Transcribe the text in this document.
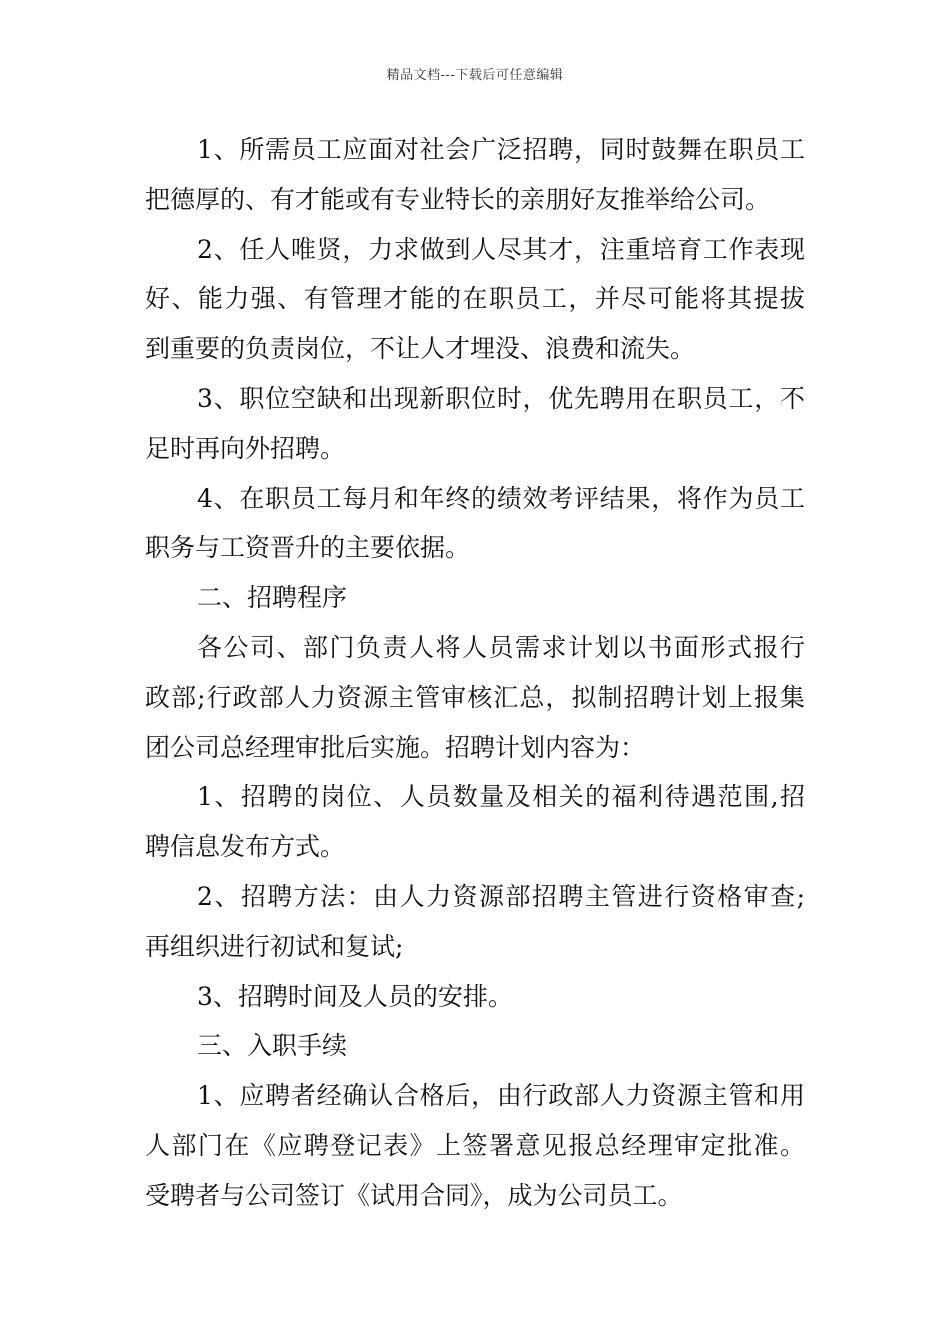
精品文档---下载后可任意编辑
1、所需员工应面对社会广泛招聘，同时鼓舞在职员工
把德厚的、有才能或有专业特长的亲朋好友推举给公司。
2、任人唯贤，力求做到人尽其才，注重培育工作表现
好、能力强、有管理才能的在职员工，并尽可能将其提拔
到重要的负责岗位，不让人才埋没、浪费和流失。
3、职位空缺和出现新职位时，优先聘用在职员工，不
足时再向外招聘。
4、在职员工每月和年终的绩效考评结果，将作为员工
职务与工资晋升的主要依据。
二、招聘程序
各公司、部门负责人将人员需求计划以书面形式报行
政部;行政部人力资源主管审核汇总，拟制招聘计划上报集
团公司总经理审批后实施。招聘计划内容为：
1、招聘的岗位、人员数量及相关的福利待遇范围,招
聘信息发布方式。
2、招聘方法：由人力资源部招聘主管进行资格审查;
再组织进行初试和复试;
3、招聘时间及人员的安排。
三、入职手续
1、应聘者经确认合格后，由行政部人力资源主管和用
人部门在《应聘登记表》上签署意见报总经理审定批准。
受聘者与公司签订《试用合同》，成为公司员工。
